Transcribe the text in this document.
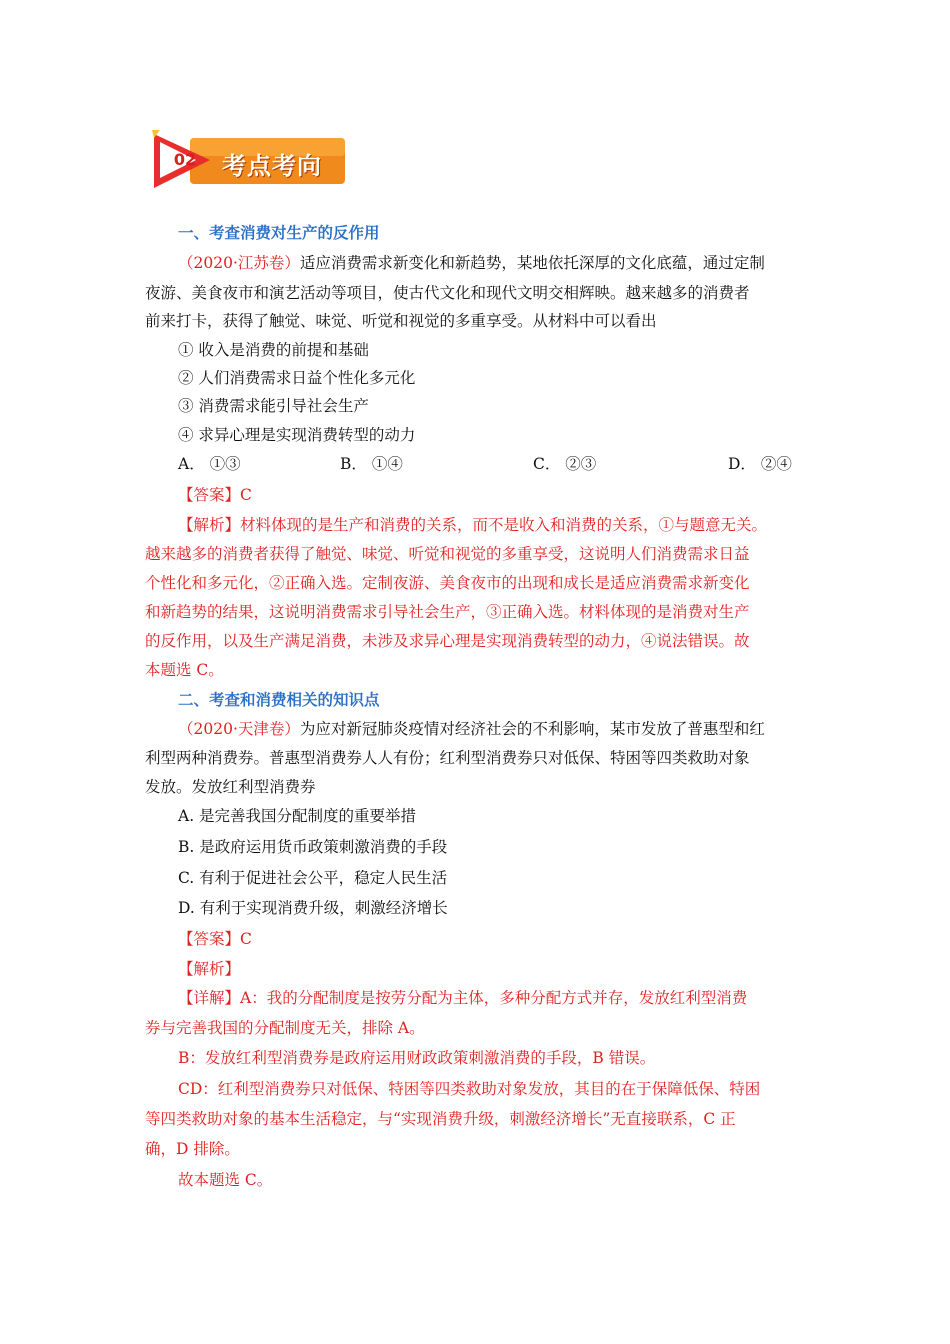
02 考点考向
一、考查消费对生产的反作用
（2020·江苏卷）适应消费需求新变化和新趋势，某地依托深厚的文化底蕴，通过定制
夜游、美食夜市和演艺活动等项目，使古代文化和现代文明交相辉映。越来越多的消费者
前来打卡，获得了触觉、味觉、听觉和视觉的多重享受。从材料中可以看出
① 收入是消费的前提和基础
② 人们消费需求日益个性化多元化
③ 消费需求能引导社会生产
④ 求异心理是实现消费转型的动力
A． ①③	B． ①④	C． ②③	D． ②④
【答案】C
【解析】材料体现的是生产和消费的关系，而不是收入和消费的关系，①与题意无关。
越来越多的消费者获得了触觉、味觉、听觉和视觉的多重享受，这说明人们消费需求日益
个性化和多元化，②正确入选。定制夜游、美食夜市的出现和成长是适应消费需求新变化
和新趋势的结果，这说明消费需求引导社会生产，③正确入选。材料体现的是消费对生产
的反作用，以及生产满足消费，未涉及求异心理是实现消费转型的动力，④说法错误。故
本题选 C。
二、考查和消费相关的知识点
（2020·天津卷）为应对新冠肺炎疫情对经济社会的不利影响，某市发放了普惠型和红
利型两种消费券。普惠型消费券人人有份；红利型消费券只对低保、特困等四类救助对象
发放。发放红利型消费券
A. 是完善我国分配制度的重要举措
B. 是政府运用货币政策刺激消费的手段
C. 有利于促进社会公平，稳定人民生活
D. 有利于实现消费升级，刺激经济增长
【答案】C
【解析】
【详解】A：我的分配制度是按劳分配为主体，多种分配方式并存，发放红利型消费
券与完善我国的分配制度无关，排除 A。
B：发放红利型消费券是政府运用财政政策刺激消费的手段，B 错误。
CD：红利型消费券只对低保、特困等四类救助对象发放，其目的在于保障低保、特困
等四类救助对象的基本生活稳定，与“实现消费升级，刺激经济增长”无直接联系，C 正
确，D 排除。
故本题选 C。
